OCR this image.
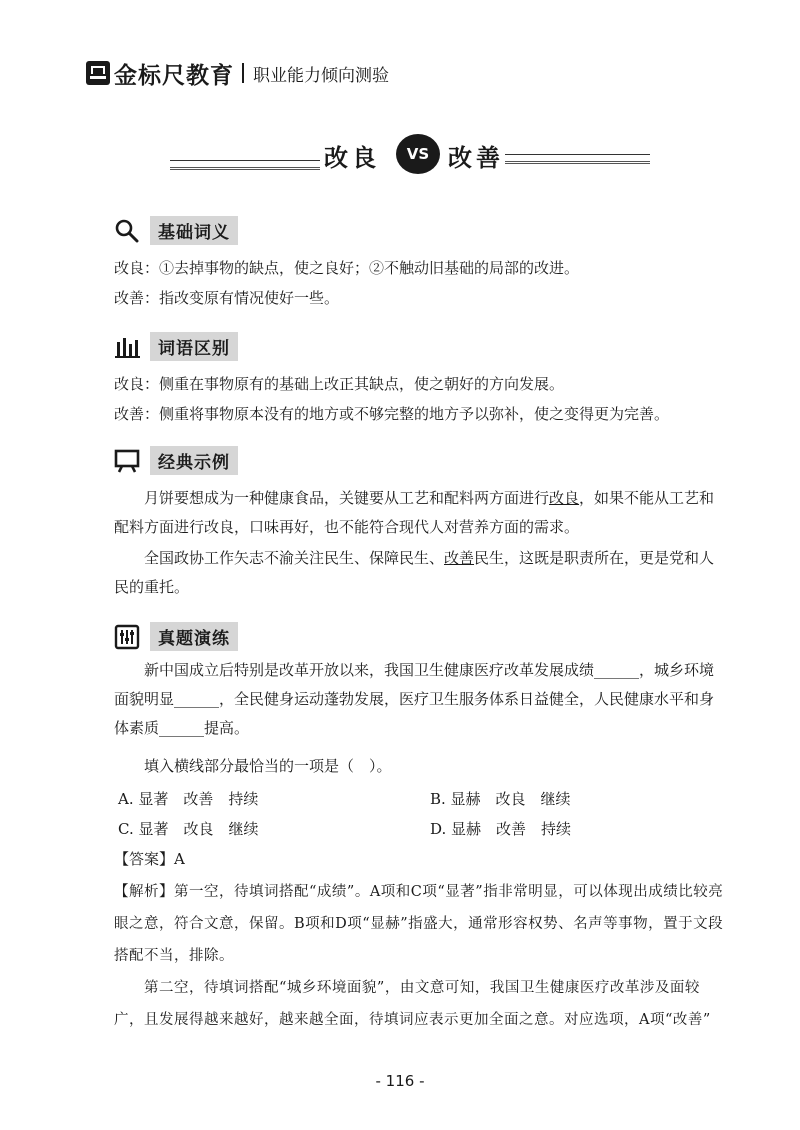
金标尺教育 职业能力倾向测验
改良	VS 改善
基础词义
改良：①去掉事物的缺点，使之良好；②不触动旧基础的局部的改进。
改善：指改变原有情况使好一些。
词语区别
改良：侧重在事物原有的基础上改正其缺点，使之朝好的方向发展。
改善：侧重将事物原本没有的地方或不够完整的地方予以弥补，使之变得更为完善。
经典示例
月饼要想成为一种健康食品，关键要从工艺和配料两方面进行改良，如果不能从工艺和配料方面进行改良，口味再好，也不能符合现代人对营养方面的需求。
全国政协工作矢志不渝关注民生、保障民生、改善民生，这既是职责所在，更是党和人民的重托。
真题演练
新中国成立后特别是改革开放以来，我国卫生健康医疗改革发展成绩______，城乡环境面貌明显______，全民健身运动蓬勃发展，医疗卫生服务体系日益健全，人民健康水平和身体素质______提高。
填入横线部分最恰当的一项是（　）。
A. 显著　改善　持续	B. 显赫　改良　继续
C. 显著　改良　继续	D. 显赫　改善　持续
【答案】A
【解析】第一空，待填词搭配“成绩”。A项和C项“显著”指非常明显，可以体现出成绩比较亮眼之意，符合文意，保留。B项和D项“显赫”指盛大，通常形容权势、名声等事物，置于文段搭配不当，排除。
第二空，待填词搭配“城乡环境面貌”，由文意可知，我国卫生健康医疗改革涉及面较广，且发展得越来越好，越来越全面，待填词应表示更加全面之意。对应选项，A项“改善”
- 116 -
